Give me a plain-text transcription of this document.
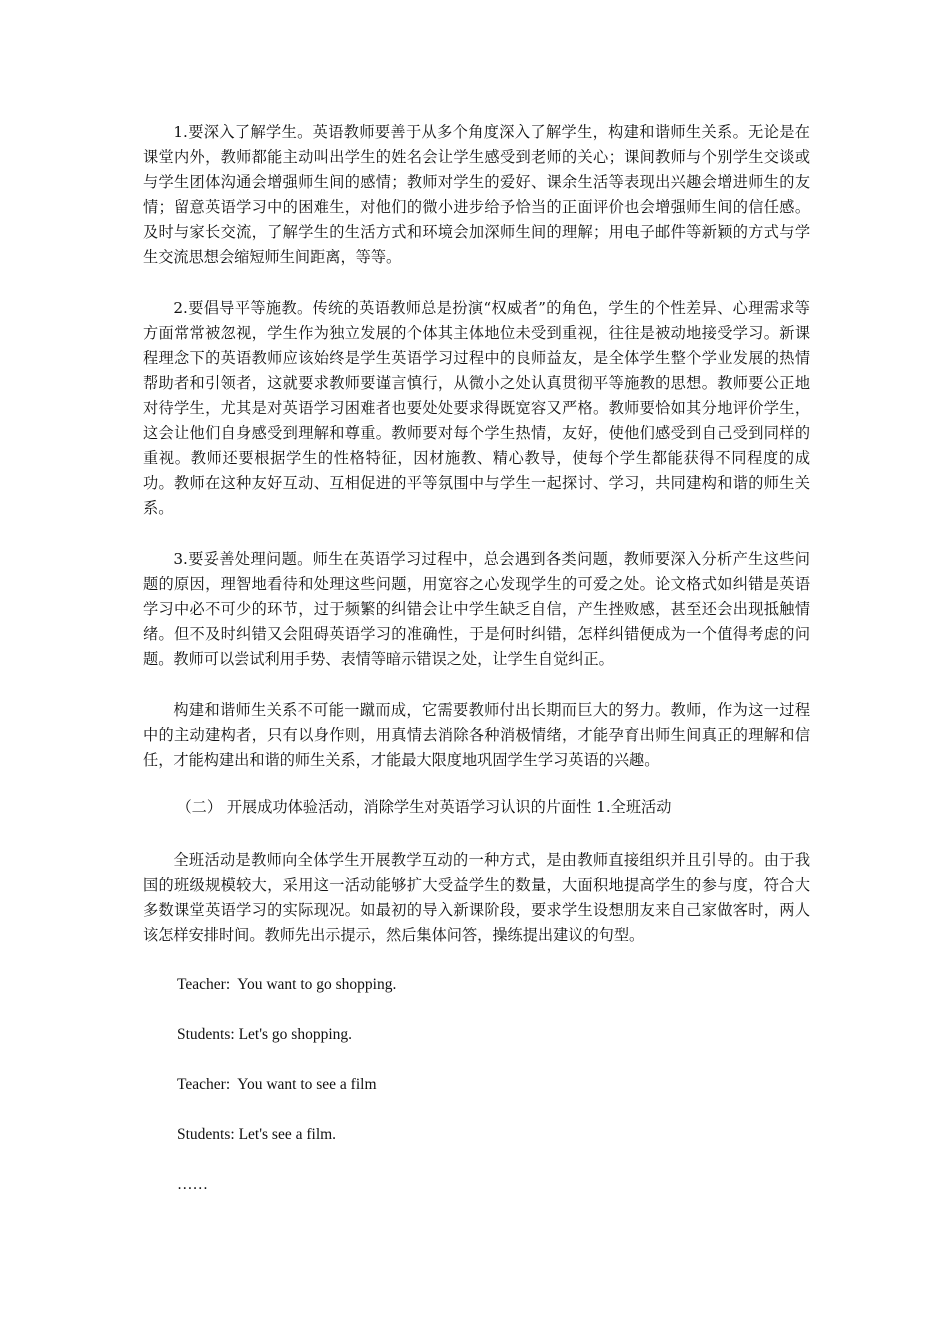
1.要深入了解学生。英语教师要善于从多个角度深入了解学生，构建和谐师生关系。无论是在课堂内外，教师都能主动叫出学生的姓名会让学生感受到老师的关心；课间教师与个别学生交谈或与学生团体沟通会增强师生间的感情；教师对学生的爱好、课余生活等表现出兴趣会增进师生的友情；留意英语学习中的困难生，对他们的微小进步给予恰当的正面评价也会增强师生间的信任感。及时与家长交流，了解学生的生活方式和环境会加深师生间的理解；用电子邮件等新颖的方式与学生交流思想会缩短师生间距离，等等。

2.要倡导平等施教。传统的英语教师总是扮演“权威者”的角色，学生的个性差异、心理需求等方面常常被忽视，学生作为独立发展的个体其主体地位未受到重视，往往是被动地接受学习。新课程理念下的英语教师应该始终是学生英语学习过程中的良师益友，是全体学生整个学业发展的热情帮助者和引领者，这就要求教师要谨言慎行，从微小之处认真贯彻平等施教的思想。教师要公正地对待学生，尤其是对英语学习困难者也要处处要求得既宽容又严格。教师要恰如其分地评价学生，这会让他们自身感受到理解和尊重。教师要对每个学生热情，友好，使他们感受到自己受到同样的重视。教师还要根据学生的性格特征，因材施教、精心教导，使每个学生都能获得不同程度的成功。教师在这种友好互动、互相促进的平等氛围中与学生一起探讨、学习，共同建构和谐的师生关系。

3.要妥善处理问题。师生在英语学习过程中，总会遇到各类问题，教师要深入分析产生这些问题的原因，理智地看待和处理这些问题，用宽容之心发现学生的可爱之处。论文格式如纠错是英语学习中必不可少的环节，过于频繁的纠错会让中学生缺乏自信，产生挫败感，甚至还会出现抵触情绪。但不及时纠错又会阻碍英语学习的准确性，于是何时纠错，怎样纠错便成为一个值得考虑的问题。教师可以尝试利用手势、表情等暗示错误之处，让学生自觉纠正。

构建和谐师生关系不可能一蹴而成，它需要教师付出长期而巨大的努力。教师，作为这一过程中的主动建构者，只有以身作则，用真情去消除各种消极情绪，才能孕育出师生间真正的理解和信任，才能构建出和谐的师生关系，才能最大限度地巩固学生学习英语的兴趣。

（二） 开展成功体验活动，消除学生对英语学习认识的片面性 1.全班活动

全班活动是教师向全体学生开展教学互动的一种方式，是由教师直接组织并且引导的。由于我国的班级规模较大，采用这一活动能够扩大受益学生的数量，大面积地提高学生的参与度，符合大多数课堂英语学习的实际现况。如最初的导入新课阶段，要求学生设想朋友来自己家做客时，两人该怎样安排时间。教师先出示提示，然后集体问答，操练提出建议的句型。

Teacher:  You want to go shopping.

Students: Let's go shopping.

Teacher:  You want to see a film

Students: Let's see a film.

……
